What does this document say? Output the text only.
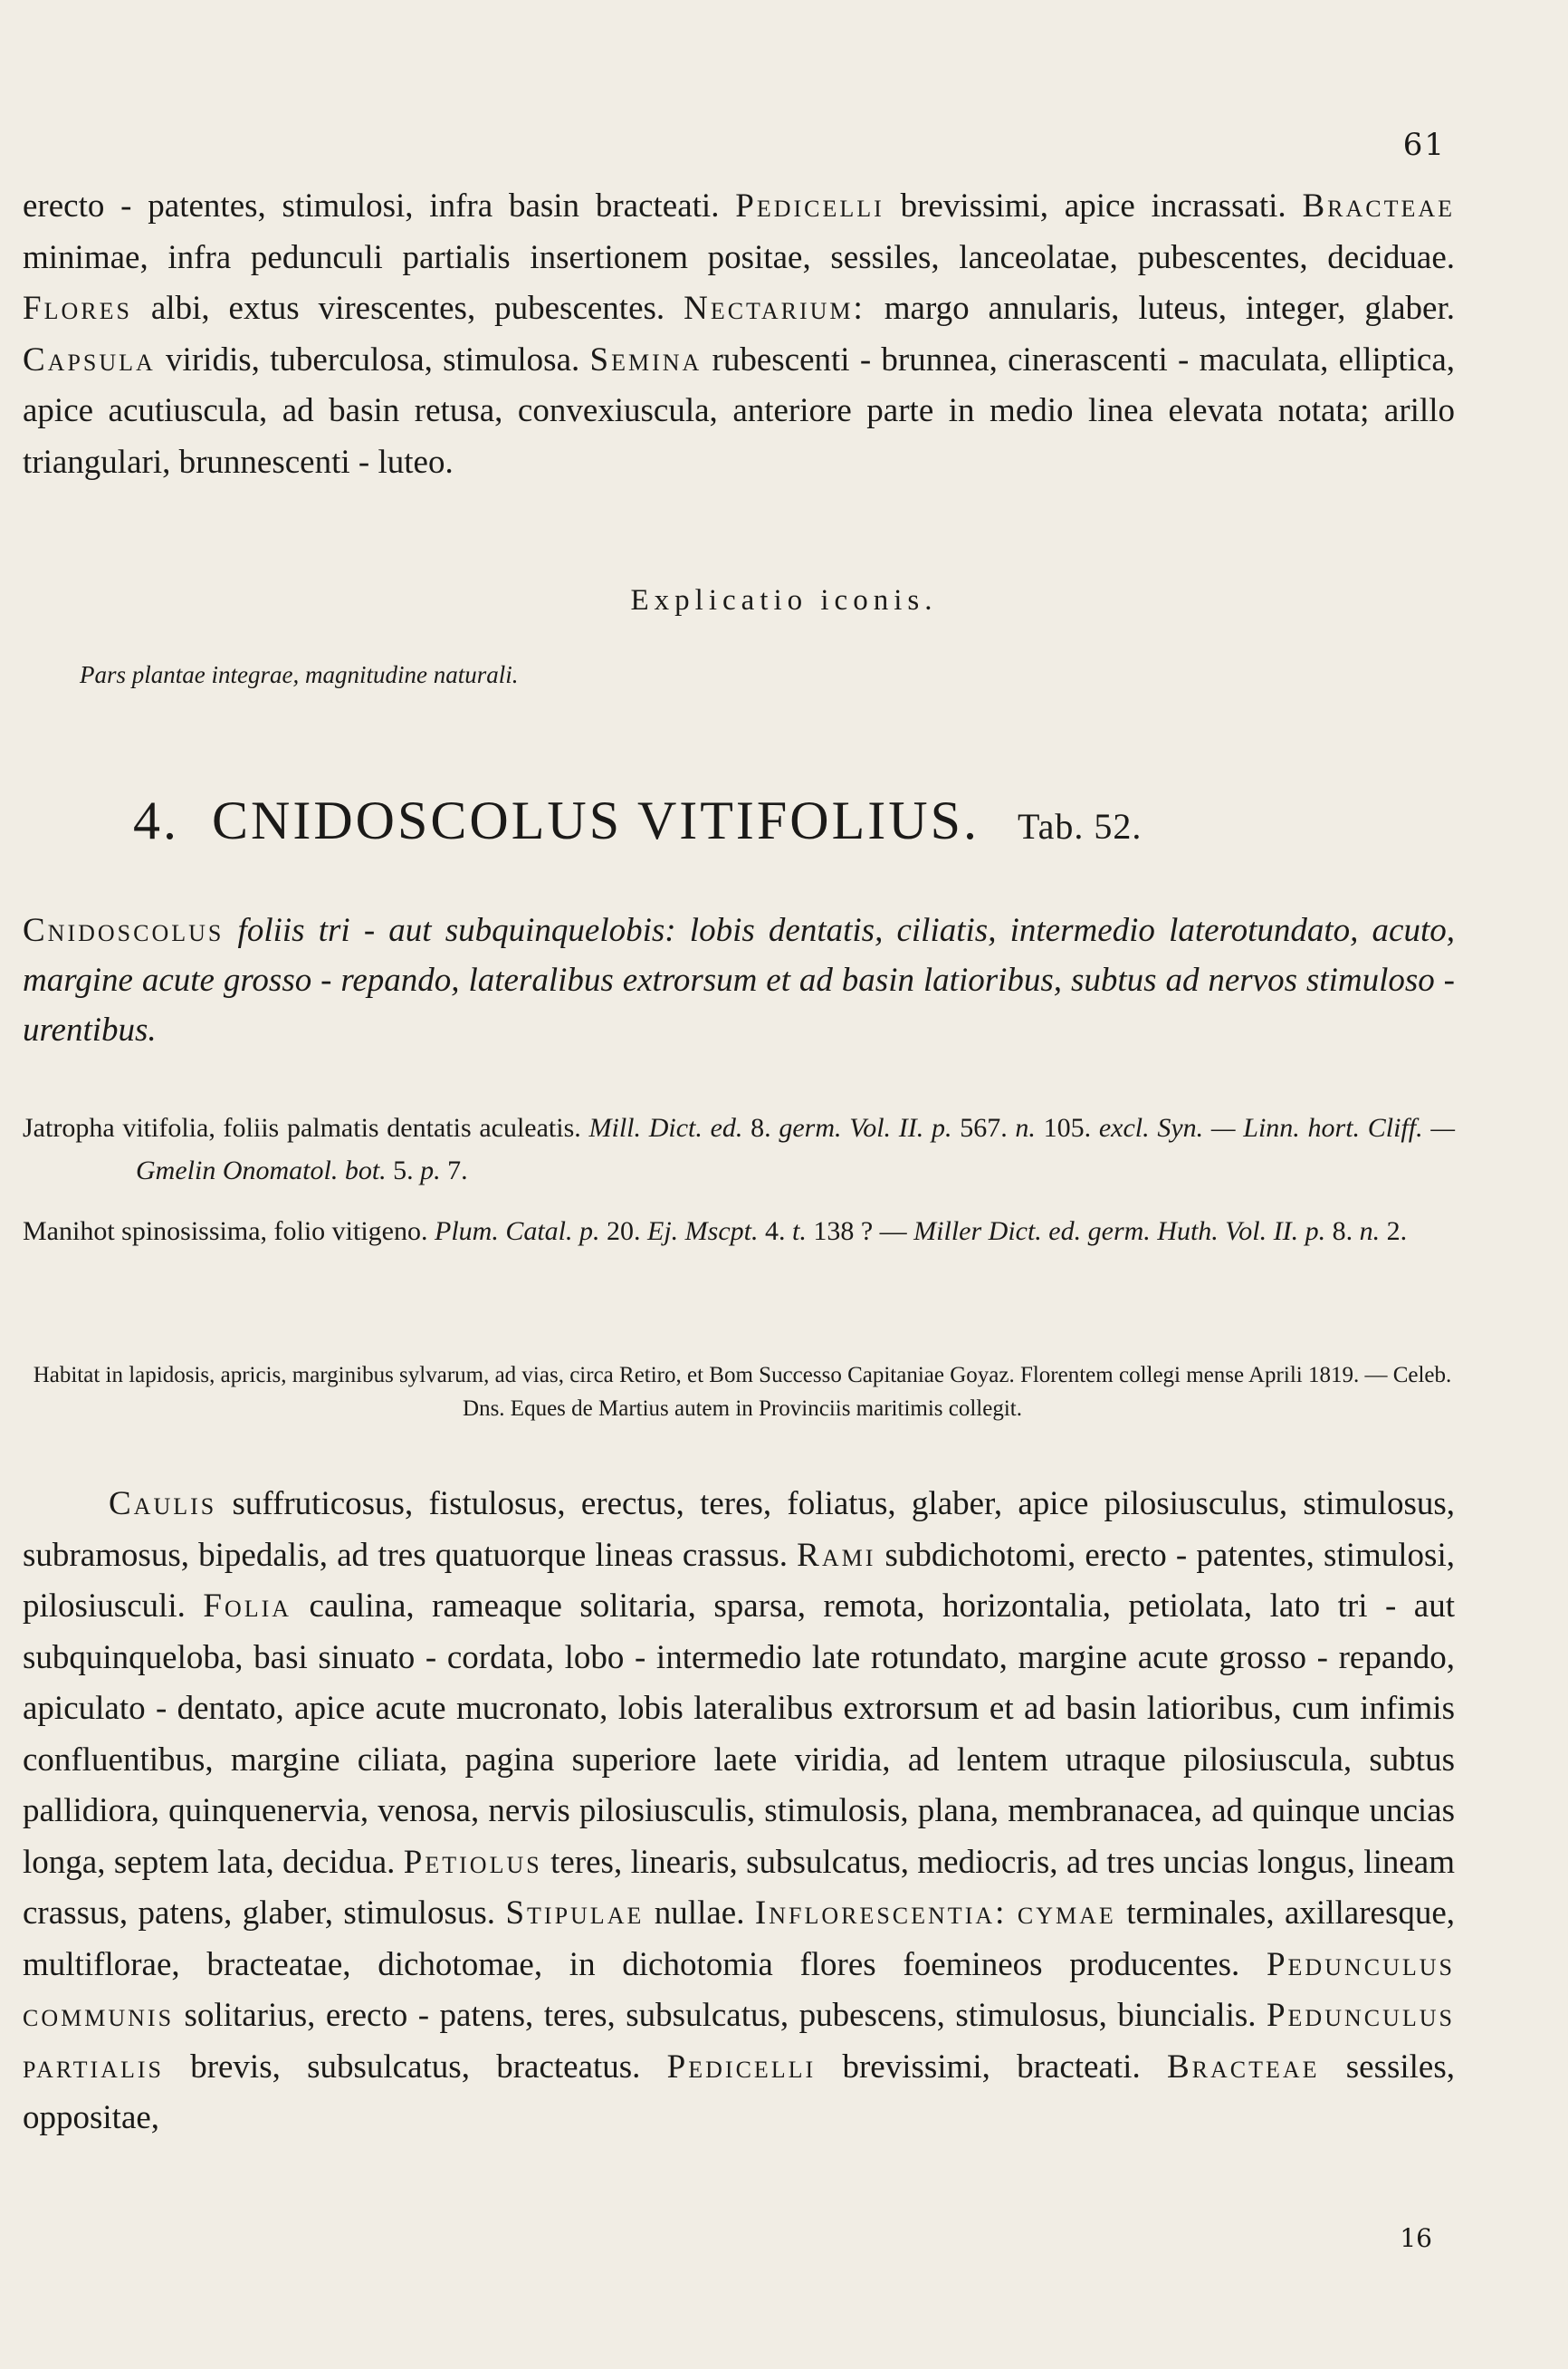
61

erecto - patentes, stimulosi, infra basin bracteati. Pedicelli brevissimi, apice incrassati. Bracteae minimae, infra pedunculi partialis insertionem positae, sessiles, lanceolatae, pubescentes, deciduae. Flores albi, extus virescentes, pubescentes. Nectarium: margo annularis, luteus, integer, glaber. Capsula viridis, tuberculosa, stimulosa. Semina rubescenti - brunnea, cinerascenti - maculata, elliptica, apice acutiuscula, ad basin retusa, convexiuscula, anteriore parte in medio linea elevata notata; arillo triangulari, brunnescenti - luteo.

Explicatio iconis.
Pars plantae integrae, magnitudine naturali.
4. CNIDOSCOLUS VITIFOLIUS. Tab. 52.

Cnidoscolus foliis tri - aut subquinquelobis: lobis dentatis, ciliatis, intermedio laterotundato, acuto, margine acute grosso - repando, lateralibus extrorsum et ad basin latioribus, subtus ad nervos stimuloso - urentibus.

Jatropha vitifolia, foliis palmatis dentatis aculeatis. Mill. Dict. ed. 8. germ. Vol. II. p. 567. n. 105. excl. Syn. — Linn. hort. Cliff. — Gmelin Onomatol. bot. 5. p. 7.

Manihot spinosissima, folio vitigeno. Plum. Catal. p. 20. Ej. Mscpt. 4. t. 138 ? — Miller Dict. ed. germ. Huth. Vol. II. p. 8. n. 2.

Habitat in lapidosis, apricis, marginibus sylvarum, ad vias, circa Retiro, et Bom Successo Capitaniae Goyaz. Florentem collegi mense Aprili 1819. — Celeb. Dns. Eques de Martius autem in Provinciis maritimis collegit.

Caulis suffruticosus, fistulosus, erectus, teres, foliatus, glaber, apice pilosiusculus, stimulosus, subramosus, bipedalis, ad tres quatuorque lineas crassus. Rami subdichotomi, erecto - patentes, stimulosi, pilosiusculi. Folia caulina, rameaque solitaria, sparsa, remota, horizontalia, petiolata, lato tri - aut subquinqueloba, basi sinuato - cordata, lobo - intermedio late rotundato, margine acute grosso - repando, apiculato - dentato, apice acute mucronato, lobis lateralibus extrorsum et ad basin latioribus, cum infimis confluentibus, margine ciliata, pagina superiore laete viridia, ad lentem utraque pilosiuscula, subtus pallidiora, quinquenervia, venosa, nervis pilosiusculis, stimulosis, plana, membranacea, ad quinque uncias longa, septem lata, decidua. Petiolus teres, linearis, subsulcatus, mediocris, ad tres uncias longus, lineam crassus, patens, glaber, stimulosus. Stipulae nullae. Inflorescentia: cymae terminales, axillaresque, multiflorae, bracteatae, dichotomae, in dichotomia flores foemineos producentes. Pedunculus communis solitarius, erecto - patens, teres, subsulcatus, pubescens, stimulosus, biuncialis. Pedunculus partialis brevis, subsulcatus, bracteatus. Pedicelli brevissimi, bracteati. Bracteae sessiles, oppositae,

16
